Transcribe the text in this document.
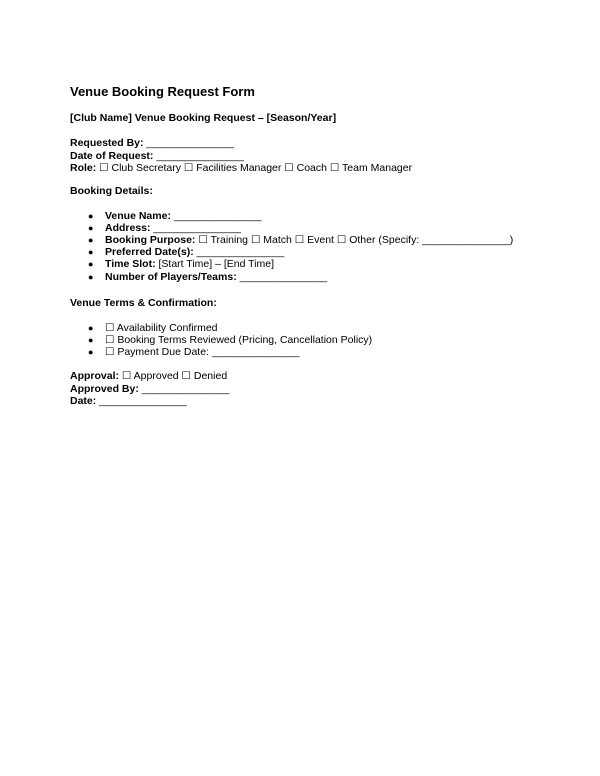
Venue Booking Request Form
[Club Name] Venue Booking Request – [Season/Year]
Requested By: _______________
Date of Request: _______________
Role: ☐ Club Secretary ☐ Facilities Manager ☐ Coach ☐ Team Manager
Booking Details:
● Venue Name: _______________
● Address: _______________
● Booking Purpose: ☐ Training ☐ Match ☐ Event ☐ Other (Specify: _______________)
● Preferred Date(s): _______________
● Time Slot: [Start Time] – [End Time]
● Number of Players/Teams: _______________
Venue Terms & Confirmation:
● ☐ Availability Confirmed
● ☐ Booking Terms Reviewed (Pricing, Cancellation Policy)
● ☐ Payment Due Date: _______________
Approval: ☐ Approved ☐ Denied
Approved By: _______________
Date: _______________
